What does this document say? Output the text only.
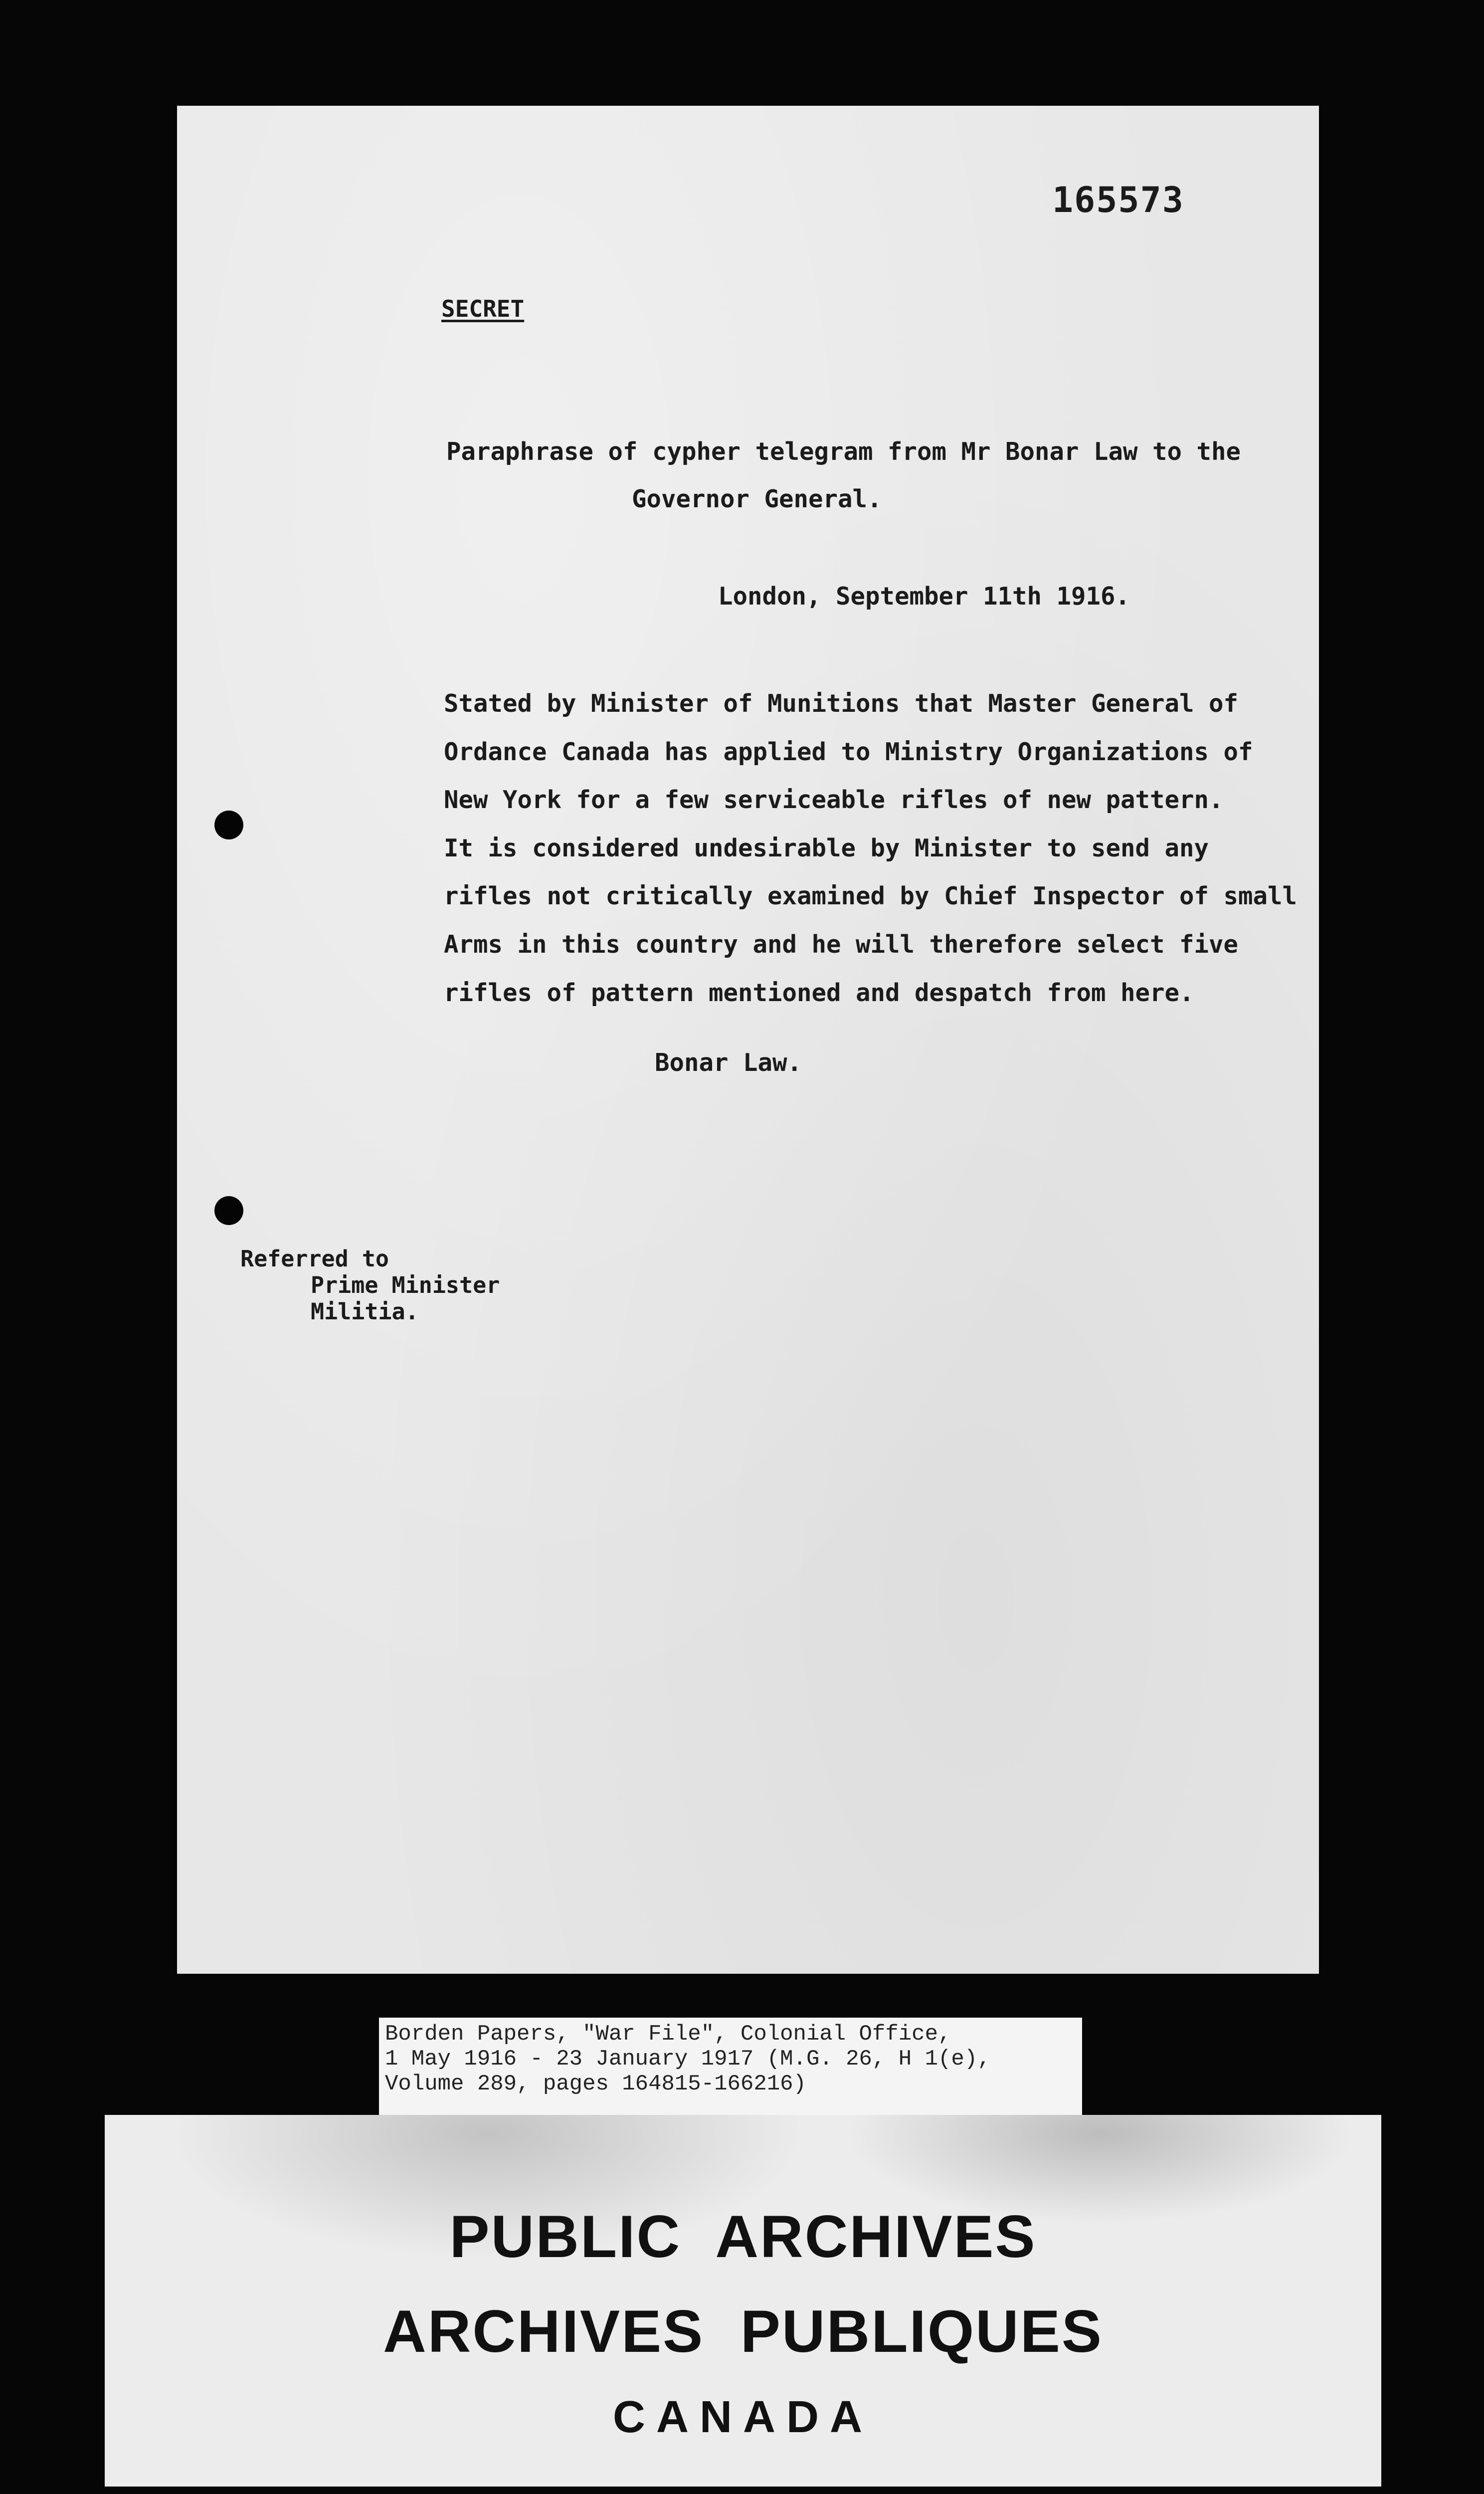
165573
SECRET
Paraphrase of cypher telegram from Mr Bonar Law to the
Governor General.
London, September 11th 1916.
Stated by Minister of Munitions that Master General of
Ordance Canada has applied to Ministry Organizations of
New York for a few serviceable rifles of new pattern.
It is considered undesirable by Minister to send any
rifles not critically examined by Chief Inspector of small
Arms in this country and he will therefore select five
rifles of pattern mentioned and despatch from here.
Bonar Law.
Referred to
Prime Minister
Militia.
Borden Papers, "War File", Colonial Office,
1 May 1916 - 23 January 1917 (M.G. 26, H 1(e),
Volume 289, pages 164815-166216)
PUBLIC  ARCHIVES
ARCHIVES  PUBLIQUES
CANADA
